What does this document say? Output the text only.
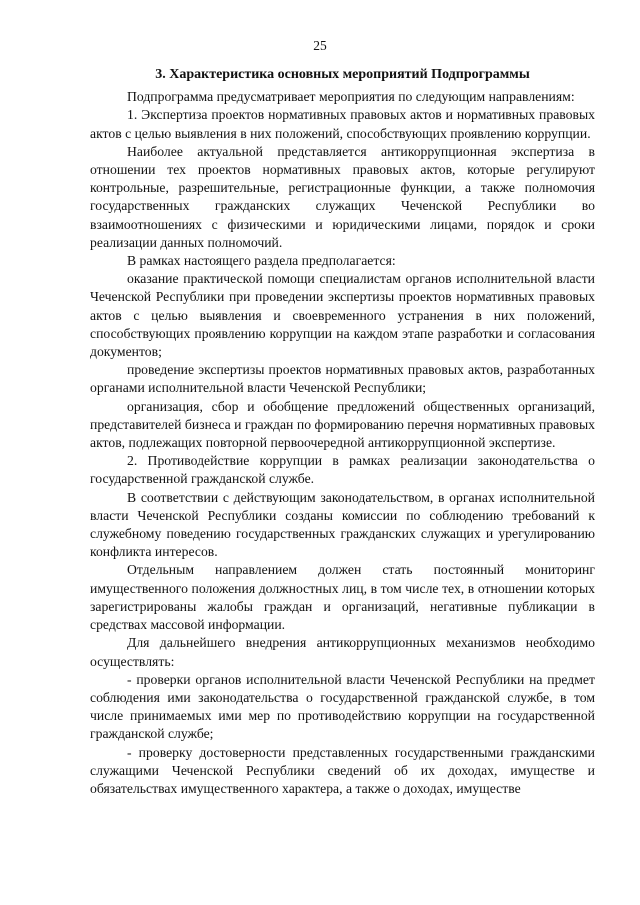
25

3. Характеристика основных мероприятий Подпрограммы

Подпрограмма предусматривает мероприятия по следующим направлениям:

1. Экспертиза проектов нормативных правовых актов и нормативных правовых актов с целью выявления в них положений, способствующих проявлению коррупции.

Наиболее актуальной представляется антикоррупционная экспертиза в отношении тех проектов нормативных правовых актов, которые регулируют контрольные, разрешительные, регистрационные функции, а также полномочия государственных гражданских служащих Чеченской Республики во взаимоотношениях с физическими и юридическими лицами, порядок и сроки реализации данных полномочий.

В рамках настоящего раздела предполагается:

оказание практической помощи специалистам органов исполнительной власти Чеченской Республики при проведении экспертизы проектов нормативных правовых актов с целью выявления и своевременного устранения в них положений, способствующих проявлению коррупции на каждом этапе разработки и согласования документов;

проведение экспертизы проектов нормативных правовых актов, разработанных органами исполнительной власти Чеченской Республики;

организация, сбор и обобщение предложений общественных организаций, представителей бизнеса и граждан по формированию перечня нормативных правовых актов, подлежащих повторной первоочередной антикоррупционной экспертизе.

2. Противодействие коррупции в рамках реализации законодательства о государственной гражданской службе.

В соответствии с действующим законодательством, в органах исполнительной власти Чеченской Республики созданы комиссии по соблюдению требований к служебному поведению государственных гражданских служащих и урегулированию конфликта интересов.

Отдельным направлением должен стать постоянный мониторинг имущественного положения должностных лиц, в том числе тех, в отношении которых зарегистрированы жалобы граждан и организаций, негативные публикации в средствах массовой информации.

Для дальнейшего внедрения антикоррупционных механизмов необходимо осуществлять:

- проверки органов исполнительной власти Чеченской Республики на предмет соблюдения ими законодательства о государственной гражданской службе, в том числе принимаемых ими мер по противодействию коррупции на государственной гражданской службе;

- проверку достоверности представленных государственными гражданскими служащими Чеченской Республики сведений об их доходах, имуществе и обязательствах имущественного характера, а также о доходах, имуществе
